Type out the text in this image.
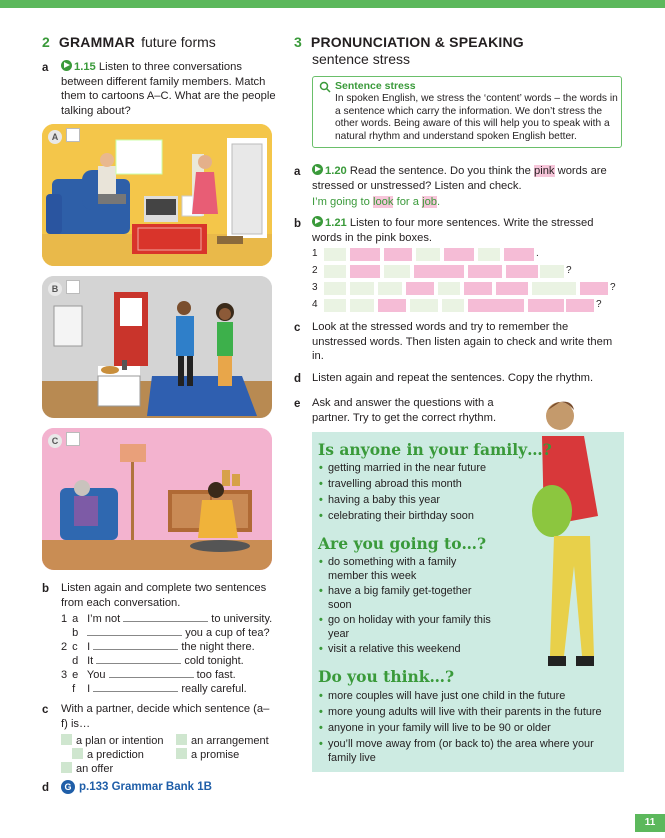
2 GRAMMAR future forms
a	1.15 Listen to three conversations between different family members. Match them to cartoons A–C. What are the people talking about?
A
B
C
b Listen again and complete two sentences from each conversation.
1 a I’m not	to university.
b	you a cup of tea?
2 c I	the night there.
d It	cold tonight.
3 e You	too fast.
f I	really careful.
c With a partner, decide which sentence (a–f) is…
a plan or intention	an arrangement
a prediction	a promise
an offer
d	G p.133 Grammar Bank 1B
3 PRONUNCIATION & SPEAKING
sentence stress
Sentence stress
In spoken English, we stress the ‘content’ words – the words in a sentence which carry the information. We don’t stress the other words. Being aware of this will help you to speak with a natural rhythm and understand spoken English better.
a	1.20 Read the sentence. Do you think the pink words are stressed or unstressed? Listen and check.
I’m going to look for a job.
b	1.21 Listen to four more sentences. Write the stressed words in the pink boxes.
1	.
2	?
3	?
4	?
c Look at the stressed words and try to remember the unstressed words. Then listen again to check and write them in.
d Listen again and repeat the sentences. Copy the rhythm.
e Ask and answer the questions with a partner. Try to get the correct rhythm.
Is anyone in your family…?
• getting married in the near future
• travelling abroad this month
• having a baby this year
• celebrating their birthday soon
Are you going to…?
• do something with a family member this week
• have a big family get-together soon
• go on holiday with your family this year
• visit a relative this weekend
Do you think…?
• more couples will have just one child in the future
• more young adults will live with their parents in the future
• anyone in your family will live to be 90 or older
• you’ll move away from (or back to) the area where your family live
11
